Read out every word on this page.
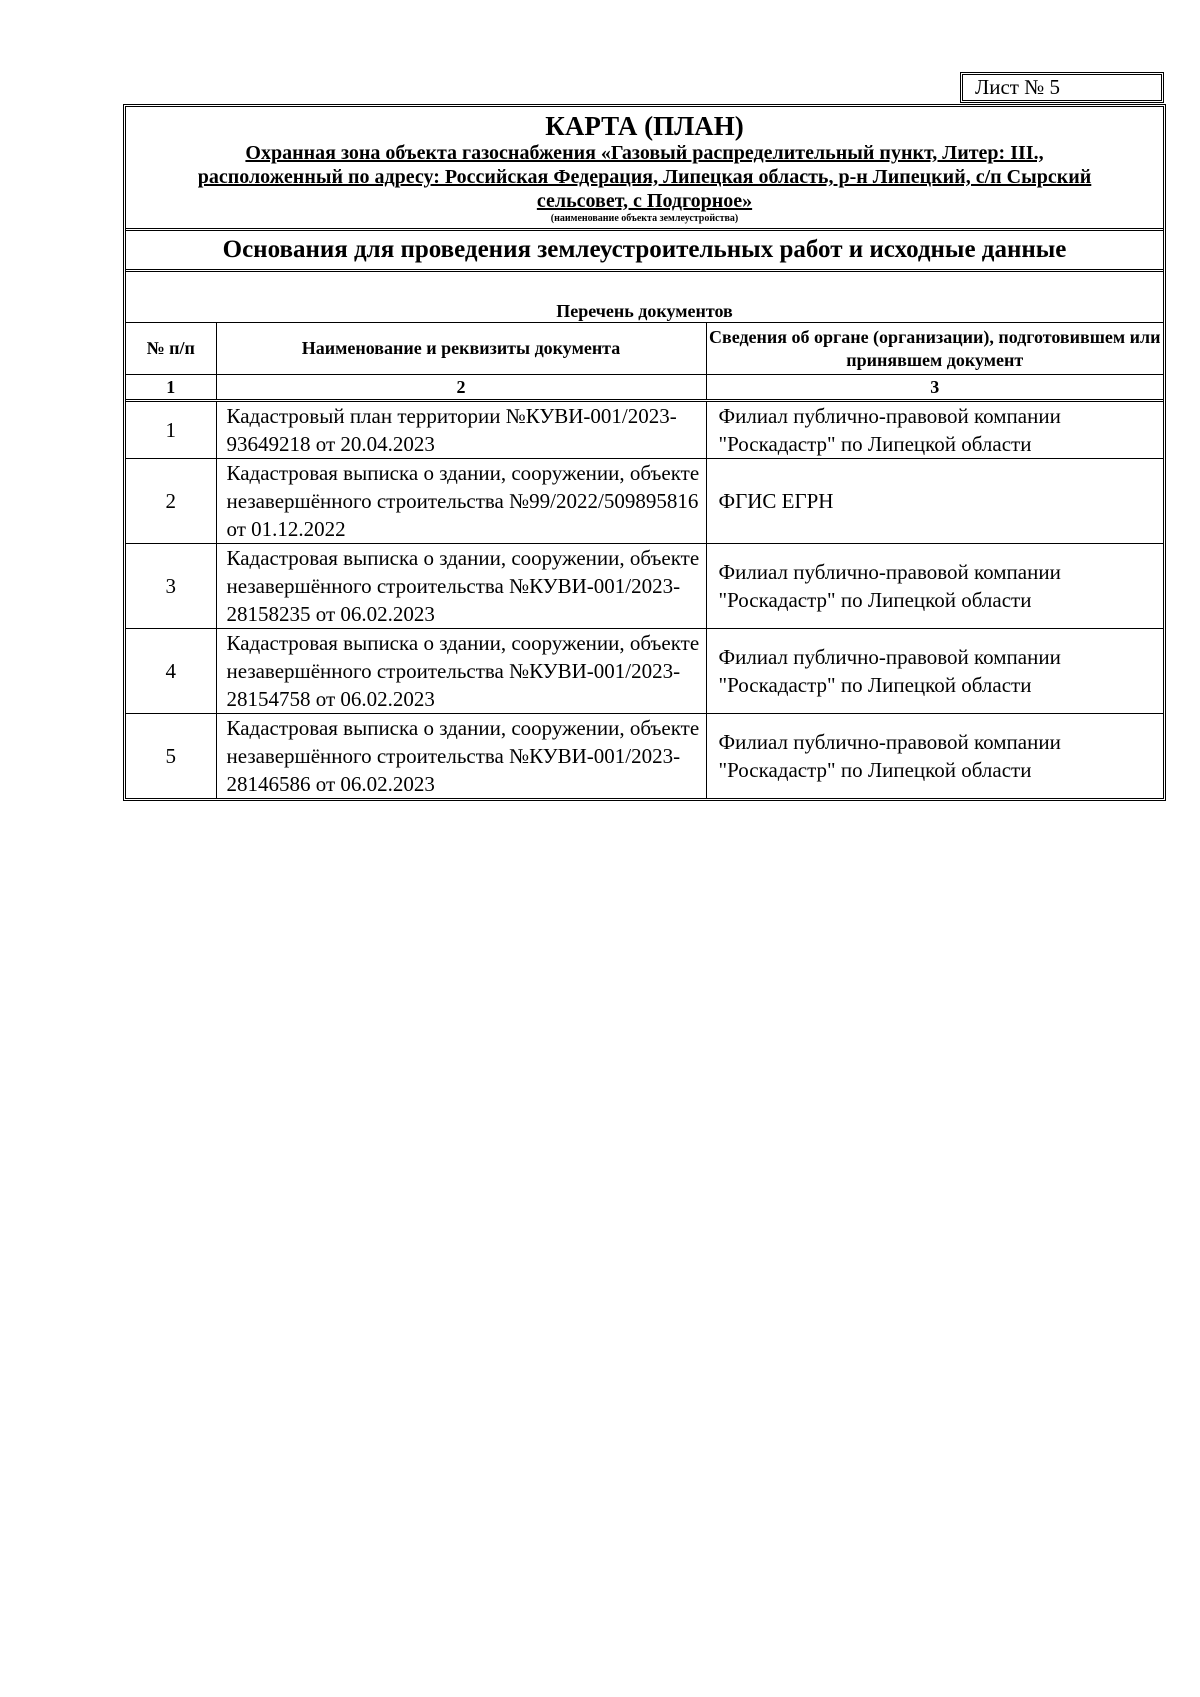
Лист № 5
КАРТА (ПЛАН)
Охранная зона объекта газоснабжения «Газовый распределительный пункт, Литер: III.,
расположенный по адресу: Российская Федерация, Липецкая область, р-н Липецкий, с/п Сырский
сельсовет, с Подгорное»
(наименование объекта землеустройства)
Основания для проведения землеустроительных работ и исходные данные
Перечень документов
№ п/п	Наименование и реквизиты документа	Сведения об органе (организации), подготовившем или принявшем документ
1	2	3
1	Кадастровый план территории №КУВИ-001/2023-93649218 от 20.04.2023	Филиал публично-правовой компании "Роскадастр" по Липецкой области
2	Кадастровая выписка о здании, сооружении, объекте незавершённого строительства №99/2022/509895816 от 01.12.2022	ФГИС ЕГРН
3	Кадастровая выписка о здании, сооружении, объекте незавершённого строительства №КУВИ-001/2023-28158235 от 06.02.2023	Филиал публично-правовой компании "Роскадастр" по Липецкой области
4	Кадастровая выписка о здании, сооружении, объекте незавершённого строительства №КУВИ-001/2023-28154758 от 06.02.2023	Филиал публично-правовой компании "Роскадастр" по Липецкой области
5	Кадастровая выписка о здании, сооружении, объекте незавершённого строительства №КУВИ-001/2023-28146586 от 06.02.2023	Филиал публично-правовой компании "Роскадастр" по Липецкой области
